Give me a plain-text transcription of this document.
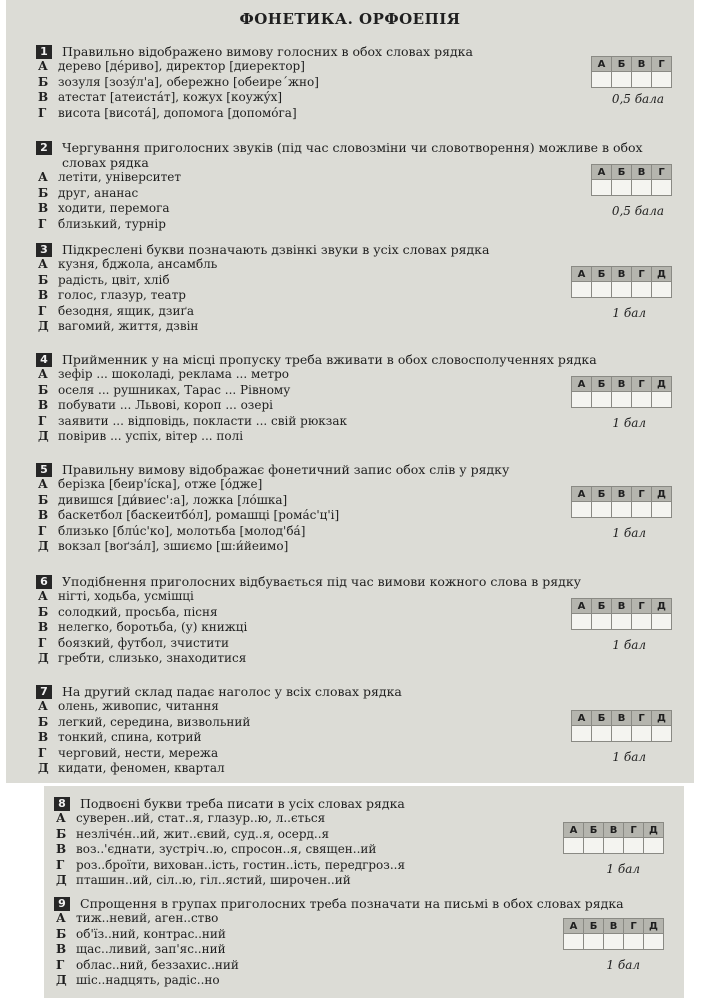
ФОНЕТИКА. ОРФОЕПІЯ
1	Правильно відображено вимову голосних в обох словах рядка
А дерево [дéриво], директор [диеректор]
Б зозуля [зозýл'а], обережно [обеиреˊжно]
В атестат [атеистáт], кожух [коужýх]
Г висота [висотá], допомога [допомóга]
А	Б	В	Г

0,5 бала
2	Чергування приголосних звуків (під час словозміни чи словотворення) можливе в обох словах рядка
А летіти, університет
Б друг, ананас
В ходити, перемога
Г близький, турнір
А	Б	В	Г

0,5 бала
3	Підкреслені букви позначають дзвінкі звуки в усіх словах рядка
А кузня, бджола, ансамбль
Б радість, цвіт, хліб
В голос, глазур, театр
Г безодня, ящик, дзиґа
Д вагомий, життя, дзвін
А	Б	В	Г	Д

1 бал
4	Прийменник у на місці пропуску треба вживати в обох словосполученнях рядка
А зефір ... шоколаді, реклама ... метро
Б оселя ... рушниках, Тарас ... Рівному
В побувати ... Львові, короп ... озері
Г заявити ... відповідь, покласти ... свій рюкзак
Д повірив ... успіх, вітер ... полі
А	Б	В	Г	Д

1 бал
5	Правильну вимову відображає фонетичний запис обох слів у рядку
А берізка [беир'íска], отже [óдже]
Б дивишся [ди́виес':а], ложка [лóшка]
В баскетбол [баскеитбóл], ромашці [ромáс'ц'і]
Г близько [блúс'ко], молотьба [молод'бá]
Д вокзал [воґзáл], зшиємо [ш:и́йеимо]
А	Б	В	Г	Д

1 бал
6	Уподібнення приголосних відбувається під час вимови кожного слова в рядку
А нігті, ходьба, усмішці
Б солодкий, просьба, пісня
В нелегко, боротьба, (у) книжці
Г боязкий, футбол, зчистити
Д гребти, слизько, знаходитися
А	Б	В	Г	Д

1 бал
7	На другий склад падає наголос у всіх словах рядка
А олень, живопис, читання
Б легкий, середина, визвольний
В тонкий, спина, котрий
Г черговий, нести, мережа
Д кидати, феномен, квартал
А	Б	В	Г	Д

1 бал
8	Подвоєні букви треба писати в усіх словах рядка
А суверен..ий, стат..я, глазур..ю, л..ється
Б незліче́н..ий, жит..євий, суд..я, осерд..я
В воз..'єднати, зустріч..ю, спросон..я, священ..ий
Г роз..броїти, вихован..ість, гостин..ість, передгроз..я
Д пташин..ий, сіл..ю, гіл..ястий, широчен..ий
А	Б	В	Г	Д

1 бал
9	Спрощення в групах приголосних треба позначати на письмі в обох словах рядка
А тиж..невий, аген..ство
Б об'їз..ний, контрас..ний
В щас..ливий, зап'яс..ний
Г облас..ний, беззахис..ний
Д шіс..надцять, радіс..но
А	Б	В	Г	Д

1 бал
